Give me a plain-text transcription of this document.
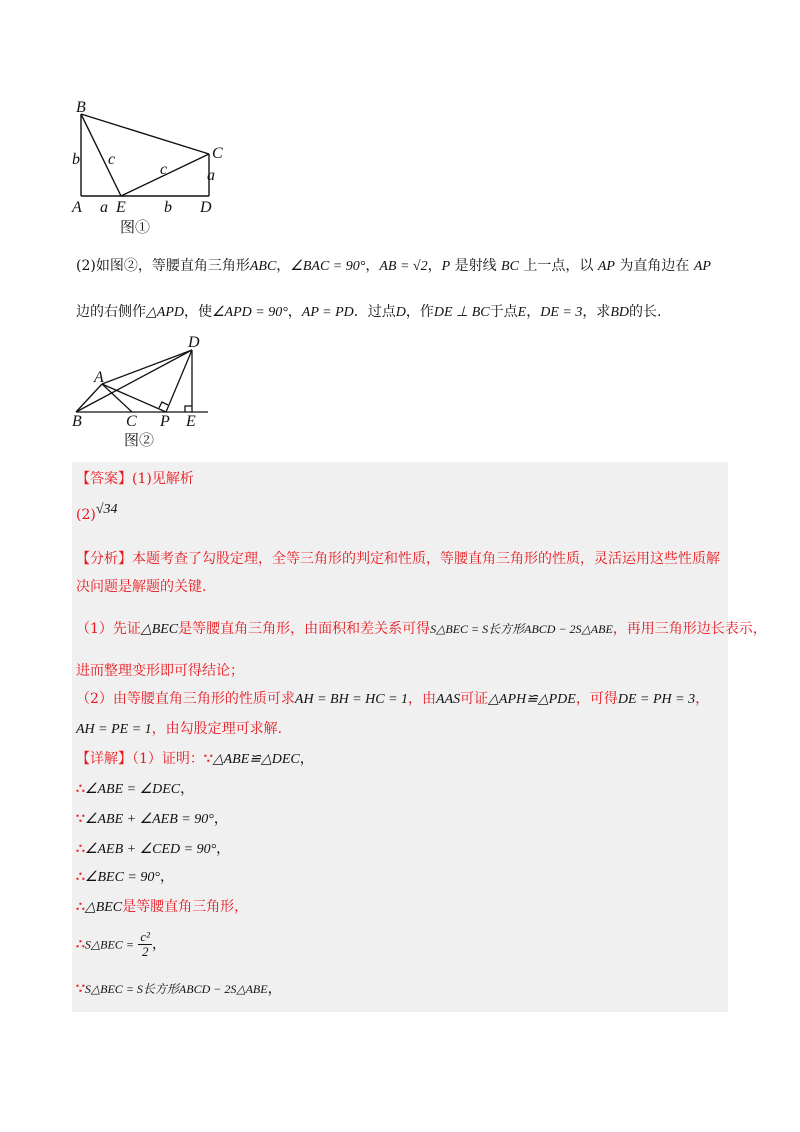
B
C
A E	D
b c
c a
a	b
图①
(2)如图②，等腰直角三角形ABC，∠BAC = 90°，AB = √2，P 是射线 BC 上一点，以 AP 为直角边在 AP
边的右侧作△APD，使∠APD = 90°，AP = PD．过点D，作DE ⊥ BC于点E，DE = 3，求BD的长.
D
A
B	C P E
图②
【答案】(1)见解析
(2)√34
【分析】本题考查了勾股定理，全等三角形的判定和性质，等腰直角三角形的性质，灵活运用这些性质解
决问题是解题的关键.
（1）先证△BEC是等腰直角三角形，由面积和差关系可得S△BEC = S长方形ABCD − 2S△ABE，再用三角形边长表示，
进而整理变形即可得结论；
（2）由等腰直角三角形的性质可求AH = BH = HC = 1，由AAS可证△APH≌△PDE，可得DE = PH = 3，
AH = PE = 1，由勾股定理可求解.
【详解】（1）证明：∵△ABE≌△DEC，
∴∠ABE = ∠DEC，
∵∠ABE + ∠AEB = 90°，
∴∠AEB + ∠CED = 90°，
∴∠BEC = 90°，
∴△BEC是等腰直角三角形，
∴S△BEC = $\frac{\text{c²}}{2}$ ，
∵S△BEC = S长方形ABCD − 2S△ABE，
